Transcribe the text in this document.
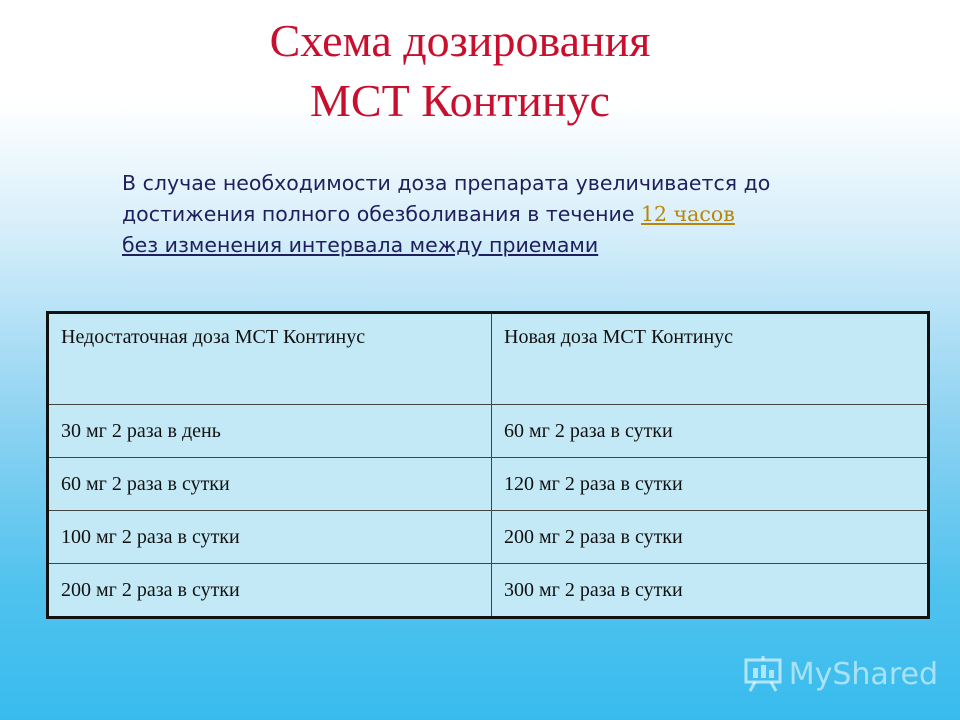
Схема дозирования
МСТ Континус
В случае необходимости доза препарата увеличивается до достижения полного обезболивания в течение 12 часов
без изменения интервала между приемами
Недостаточная доза МСТ Континус	Новая доза МСТ Континус
30 мг 2 раза в день	60 мг 2 раза в сутки
60 мг 2 раза в сутки	120 мг 2 раза в сутки
100 мг 2 раза в сутки	200 мг 2 раза в сутки
200 мг 2 раза в сутки	300 мг 2 раза в сутки
MyShared
